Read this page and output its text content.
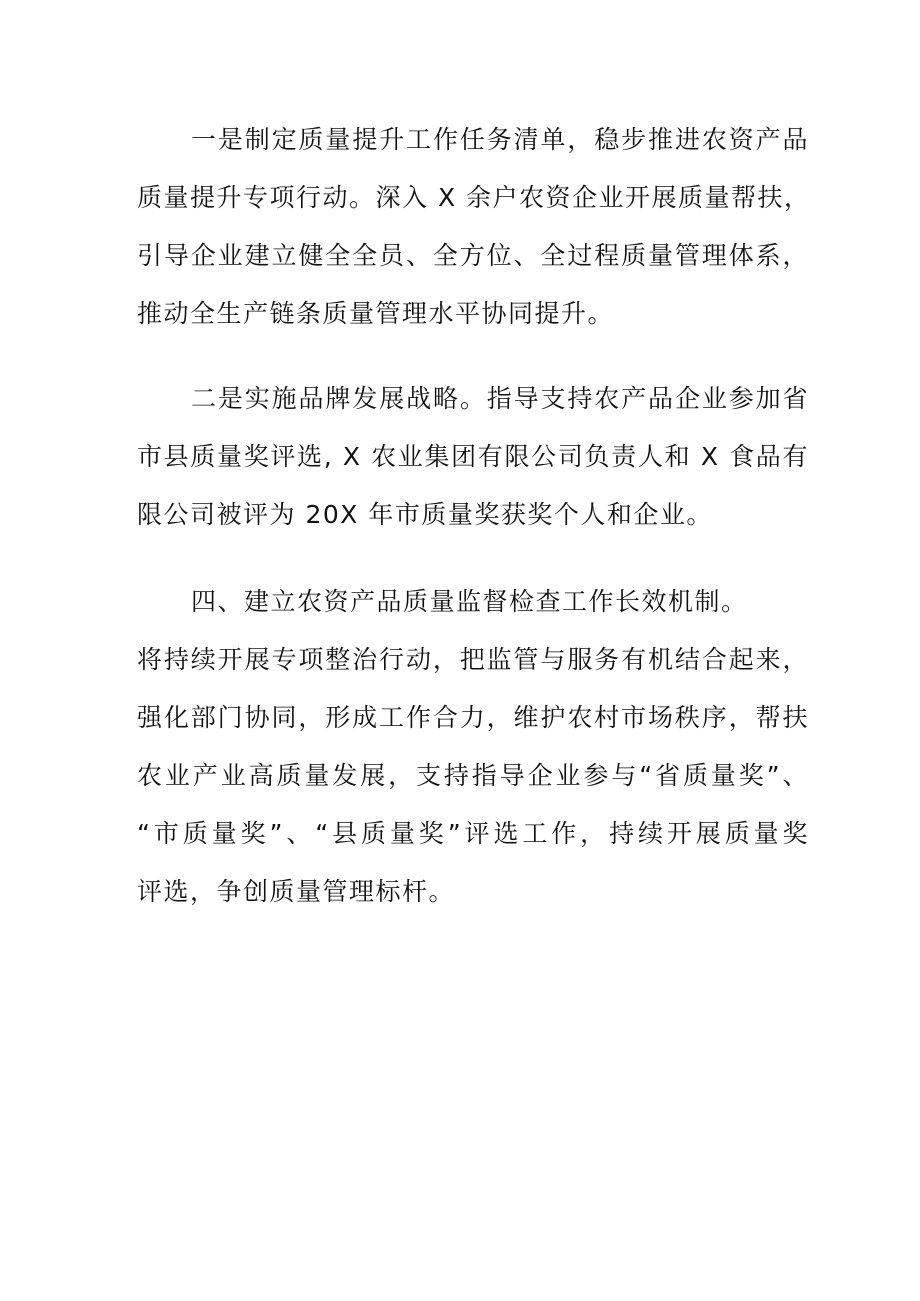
一是制定质量提升工作任务清单，稳步推进农资产品
质量提升专项行动。深入 X 余户农资企业开展质量帮扶，
引导企业建立健全全员、全方位、全过程质量管理体系，
推动全生产链条质量管理水平协同提升。
二是实施品牌发展战略。指导支持农产品企业参加省
市县质量奖评选, X 农业集团有限公司负责人和 X 食品有
限公司被评为 20X 年市质量奖获奖个人和企业。
四、建立农资产品质量监督检查工作长效机制。
将持续开展专项整治行动，把监管与服务有机结合起来，
强化部门协同，形成工作合力，维护农村市场秩序，帮扶
农业产业高质量发展，支持指导企业参与“省质量奖”、
“市质量奖”、“县质量奖”评选工作，持续开展质量奖
评选，争创质量管理标杆。
